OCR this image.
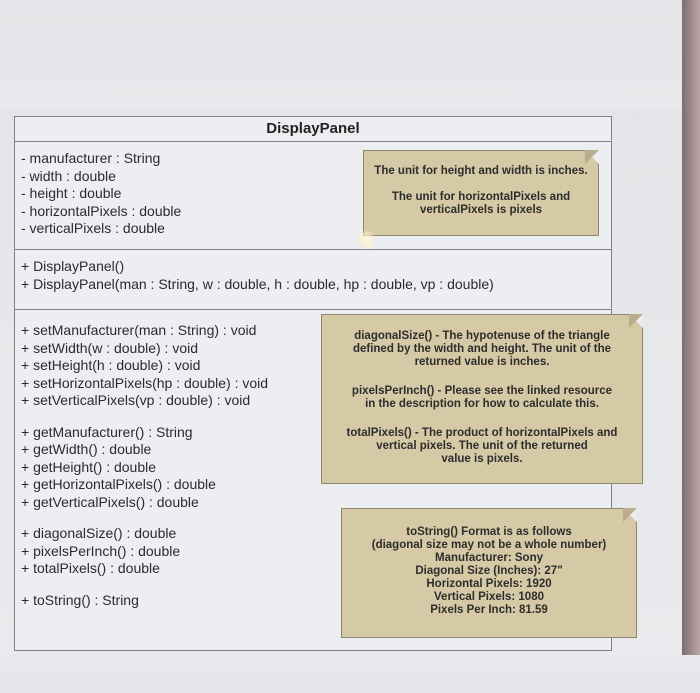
DisplayPanel
- manufacturer : String
- width : double
- height : double
- horizontalPixels : double
- verticalPixels : double

The unit for height and width is inches.

The unit for horizontalPixels and

verticalPixels is pixels

+ DisplayPanel()
+ DisplayPanel(man : String, w : double, h : double, hp : double, vp : double)
+ setManufacturer(man : String) : void
+ setWidth(w : double) : void
+ setHeight(h : double) : void
+ setHorizontalPixels(hp : double) : void
+ setVerticalPixels(vp : double) : void
+ getManufacturer() : String
+ getWidth() : double
+ getHeight() : double
+ getHorizontalPixels() : double
+ getVerticalPixels() : double
+ diagonalSize() : double
+ pixelsPerInch() : double
+ totalPixels() : double
+ toString() : String

diagonalSize() - The hypotenuse of the triangle

defined by the width and height. The unit of the

returned value is inches.

pixelsPerInch() - Please see the linked resource

in the description for how to calculate this.

totalPixels() - The product of horizontalPixels and

vertical pixels. The unit of the returned

value is pixels.

toString() Format is as follows

(diagonal size may not be a whole number)

Manufacturer: Sony

Diagonal Size (Inches): 27"

Horizontal Pixels: 1920

Vertical Pixels: 1080

Pixels Per Inch: 81.59
